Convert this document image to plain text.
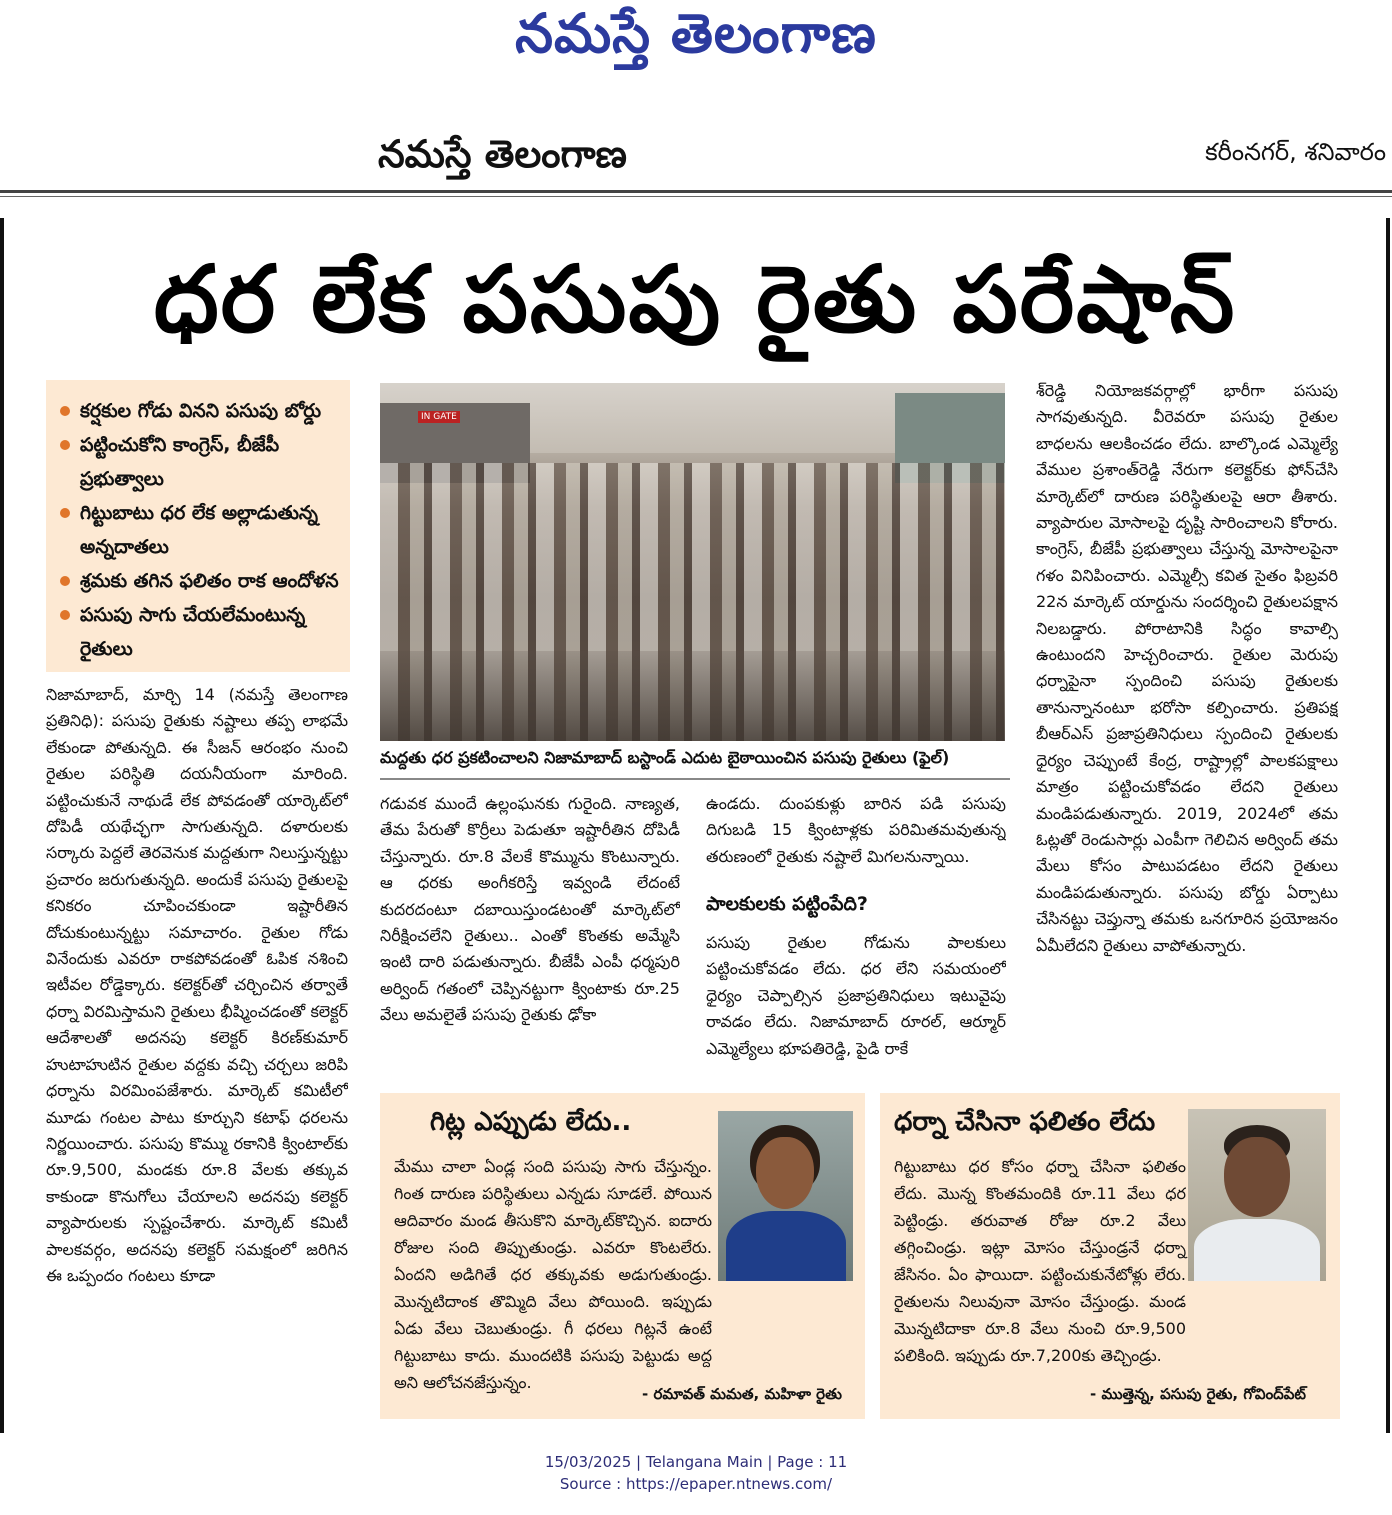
నమస్తే తెలంగాణ
నమస్తే తెలంగాణ	కరీంనగర్, శనివారం
ధర లేక పసుపు రైతు పరేషాన్
కర్షకుల గోడు వినని పసుపు బోర్డు
పట్టించుకోని కాంగ్రెస్, బీజేపీ ప్రభుత్వాలు
గిట్టుబాటు ధర లేక అల్లాడుతున్న అన్నదాతలు
శ్రమకు తగిన ఫలితం రాక ఆందోళన
పసుపు సాగు చేయలేమంటున్న రైతులు
IN GATE
మద్దతు ధర ప్రకటించాలని నిజామాబాద్ బస్టాండ్ ఎదుట బైఠాయించిన పసుపు రైతులు (ఫైల్)
నిజామాబాద్, మార్చి 14 (నమస్తే తెలంగాణ ప్రతినిధి): పసుపు రైతుకు నష్టాలు తప్ప లాభమే లేకుండా పోతున్నది. ఈ సీజన్ ఆరంభం నుంచి రైతుల పరిస్థితి దయనీయంగా మారింది. పట్టించుకునే నాథుడే లేక పోవడంతో యార్కెట్‌లో దోపిడీ యథేచ్ఛగా సాగుతున్నది. దళారులకు సర్కారు పెద్దలే తెరవెనుక మద్దతుగా నిలుస్తున్నట్టు ప్రచారం జరుగుతున్నది. అందుకే పసుపు రైతులపై కనికరం చూపించకుండా ఇష్టారీతిన దోచుకుంటున్నట్టు సమాచారం. రైతుల గోడు వినేందుకు ఎవరూ రాకపోవడంతో ఓపిక నశించి ఇటీవల రోడ్డెక్కారు. కలెక్టర్‌తో చర్చించిన తర్వాతే ధర్నా విరమిస్తామని రైతులు భీష్మించడంతో కలెక్టర్ ఆదేశాలతో అదనపు కలెక్టర్ కిరణ్‌కుమార్ హుటాహుటిన రైతుల వద్దకు వచ్చి చర్చలు జరిపి ధర్నాను విరమింపజేశారు. మార్కెట్ కమిటీలో మూడు గంటల పాటు కూర్చుని కటాఫ్ ధరలను నిర్ణయించారు. పసుపు కొమ్ము రకానికి క్వింటాల్‌కు రూ.9,500, మండకు రూ.8 వేలకు తక్కువ కాకుండా కొనుగోలు చేయాలని అదనపు కలెక్టర్ వ్యాపారులకు స్పష్టంచేశారు. మార్కెట్ కమిటీ పాలకవర్గం, అదనపు కలెక్టర్ సమక్షంలో జరిగిన ఈ ఒప్పందం గంటలు కూడా
గడువక ముందే ఉల్లంఘనకు గురైంది. నాణ్యత, తేమ పేరుతో కొర్రీలు పెడుతూ ఇష్టారీతిన దోపిడీ చేస్తున్నారు. రూ.8 వేలకే కొమ్మును కొంటున్నారు. ఆ ధరకు అంగీకరిస్తే ఇవ్వండి లేదంటే కుదరదంటూ దబాయిస్తుండటంతో మార్కెట్‌లో నిరీక్షించలేని రైతులు.. ఎంతో కొంతకు అమ్మేసి ఇంటి దారి పడుతున్నారు. బీజేపీ ఎంపీ ధర్మపురి అర్వింద్ గతంలో చెప్పినట్టుగా క్వింటాకు రూ.25 వేలు అమలైతే పసుపు రైతుకు ఢోకా
ఉండదు. దుంపకుళ్లు బారిన పడి పసుపు దిగుబడి 15 క్వింటాళ్లకు పరిమితమవుతున్న తరుణంలో రైతుకు నష్టాలే మిగలనున్నాయి.
పాలకులకు పట్టింపేది?
పసుపు రైతుల గోడును పాలకులు పట్టించుకోవడం లేదు. ధర లేని సమయంలో ధైర్యం చెప్పాల్సిన ప్రజాప్రతినిధులు ఇటువైపు రావడం లేదు. నిజామాబాద్ రూరల్, ఆర్మూర్ ఎమ్మెల్యేలు భూపతిరెడ్డి, పైడి రాకే
శ్‌రెడ్డి నియోజకవర్గాల్లో భారీగా పసుపు సాగవుతున్నది. వీరెవరూ పసుపు రైతుల బాధలను ఆలకించడం లేదు. బాల్కొండ ఎమ్మెల్యే వేముల ప్రశాంత్‌రెడ్డి నేరుగా కలెక్టర్‌కు ఫోన్‌చేసి మార్కెట్‌లో దారుణ పరిస్థితులపై ఆరా తీశారు. వ్యాపారుల మోసాలపై దృష్టి సారించాలని కోరారు. కాంగ్రెస్, బీజేపీ ప్రభుత్వాలు చేస్తున్న మోసాలపైనా గళం వినిపించారు. ఎమ్మెల్సీ కవిత సైతం ఫిబ్రవరి 22న మార్కెట్ యార్డును సందర్శించి రైతులపక్షాన నిలబడ్డారు. పోరాటానికి సిద్ధం కావాల్సి ఉంటుందని హెచ్చరించారు. రైతుల మెరుపు ధర్నాపైనా స్పందించి పసుపు రైతులకు తానున్నానంటూ భరోసా కల్పించారు. ప్రతిపక్ష బీఆర్‌ఎస్ ప్రజాప్రతినిధులు స్పందించి రైతులకు ధైర్యం చెప్పుంటే కేంద్ర, రాష్ట్రాల్లో పాలకపక్షాలు మాత్రం పట్టించుకోవడం లేదని రైతులు మండిపడుతున్నారు. 2019, 2024లో తమ ఓట్లతో రెండుసార్లు ఎంపీగా గెలిచిన అర్వింద్ తమ మేలు కోసం పాటుపడటం లేదని రైతులు మండిపడుతున్నారు. పసుపు బోర్డు ఏర్పాటు చేసినట్టు చెప్తున్నా తమకు ఒనగూరిన ప్రయోజనం ఏమీలేదని రైతులు వాపోతున్నారు.
గిట్ల ఎప్పుడు లేదు..
మేము చాలా ఏండ్ల సంది పసుపు సాగు చేస్తున్నం. గింత దారుణ పరిస్థితులు ఎన్నడు సూడలే. పోయిన ఆదివారం మండ తీసుకొని మార్కెట్‌కొచ్చిన. ఐదారు రోజుల సంది తిప్పుతుండ్రు. ఎవరూ కొంటలేరు. ఏందని అడిగితే ధర తక్కువకు అడుగుతుండ్రు. మొన్నటిదాంక తొమ్మిది వేలు పోయింది. ఇప్పుడు ఏడు వేలు చెబుతుండ్రు. గీ ధరలు గిట్లనే ఉంటే గిట్టుబాటు కాదు. ముందటికి పసుపు పెట్టుడు అద్ద అని ఆలోచనజేస్తున్నం.
- రమావత్ మమత, మహిళా రైతు
ధర్నా చేసినా ఫలితం లేదు
గిట్టుబాటు ధర కోసం ధర్నా చేసినా ఫలితం లేదు. మొన్న కొంతమందికి రూ.11 వేలు ధర పెట్టిండ్రు. తరువాత రోజు రూ.2 వేలు తగ్గించిండ్రు. ఇట్లా మోసం చేస్తుండ్రనే ధర్నా జేసినం. ఏం ఫాయిదా. పట్టించుకునేటోళ్లు లేరు. రైతులను నిలువునా మోసం చేస్తుండ్రు. మండ మొన్నటిదాకా రూ.8 వేలు నుంచి రూ.9,500 పలికింది. ఇప్పుడు రూ.7,200కు తెచ్చిండ్రు.
- ముత్తెన్న, పసుపు రైతు, గోవింద్‌పేట్
15/03/2025 | Telangana Main | Page : 11
Source : https://epaper.ntnews.com/
